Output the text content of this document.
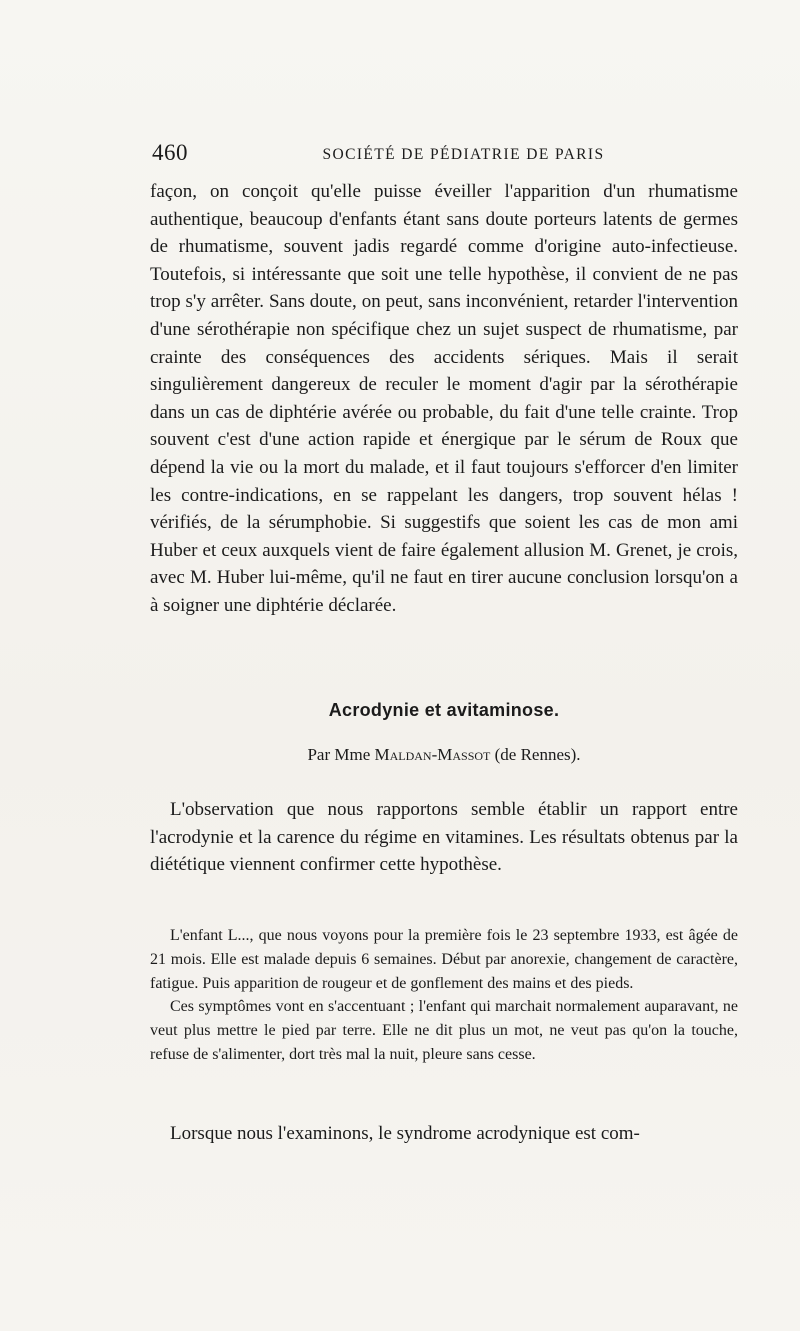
460	SOCIÉTÉ DE PÉDIATRIE DE PARIS

façon, on conçoit qu'elle puisse éveiller l'apparition d'un rhumatisme authentique, beaucoup d'enfants étant sans doute porteurs latents de germes de rhumatisme, souvent jadis regardé comme d'origine auto-infectieuse. Toutefois, si intéressante que soit une telle hypothèse, il convient de ne pas trop s'y arrêter. Sans doute, on peut, sans inconvénient, retarder l'intervention d'une sérothérapie non spécifique chez un sujet suspect de rhumatisme, par crainte des conséquences des accidents sériques. Mais il serait singulièrement dangereux de reculer le moment d'agir par la sérothérapie dans un cas de diphtérie avérée ou probable, du fait d'une telle crainte. Trop souvent c'est d'une action rapide et énergique par le sérum de Roux que dépend la vie ou la mort du malade, et il faut toujours s'efforcer d'en limiter les contre-indications, en se rappelant les dangers, trop souvent hélas ! vérifiés, de la sérumphobie. Si suggestifs que soient les cas de mon ami Huber et ceux auxquels vient de faire également allusion M. Grenet, je crois, avec M. Huber lui-même, qu'il ne faut en tirer aucune conclusion lorsqu'on a à soigner une diphtérie déclarée.

Acrodynie et avitaminose.
Par Mme Maldan-Massot (de Rennes).

L'observation que nous rapportons semble établir un rapport entre l'acrodynie et la carence du régime en vitamines. Les résultats obtenus par la diététique viennent confirmer cette hypothèse.

L'enfant L..., que nous voyons pour la première fois le 23 septembre 1933, est âgée de 21 mois. Elle est malade depuis 6 semaines. Début par anorexie, changement de caractère, fatigue. Puis apparition de rougeur et de gonflement des mains et des pieds.

Ces symptômes vont en s'accentuant ; l'enfant qui marchait normalement auparavant, ne veut plus mettre le pied par terre. Elle ne dit plus un mot, ne veut pas qu'on la touche, refuse de s'alimenter, dort très mal la nuit, pleure sans cesse.

Lorsque nous l'examinons, le syndrome acrodynique est com-
